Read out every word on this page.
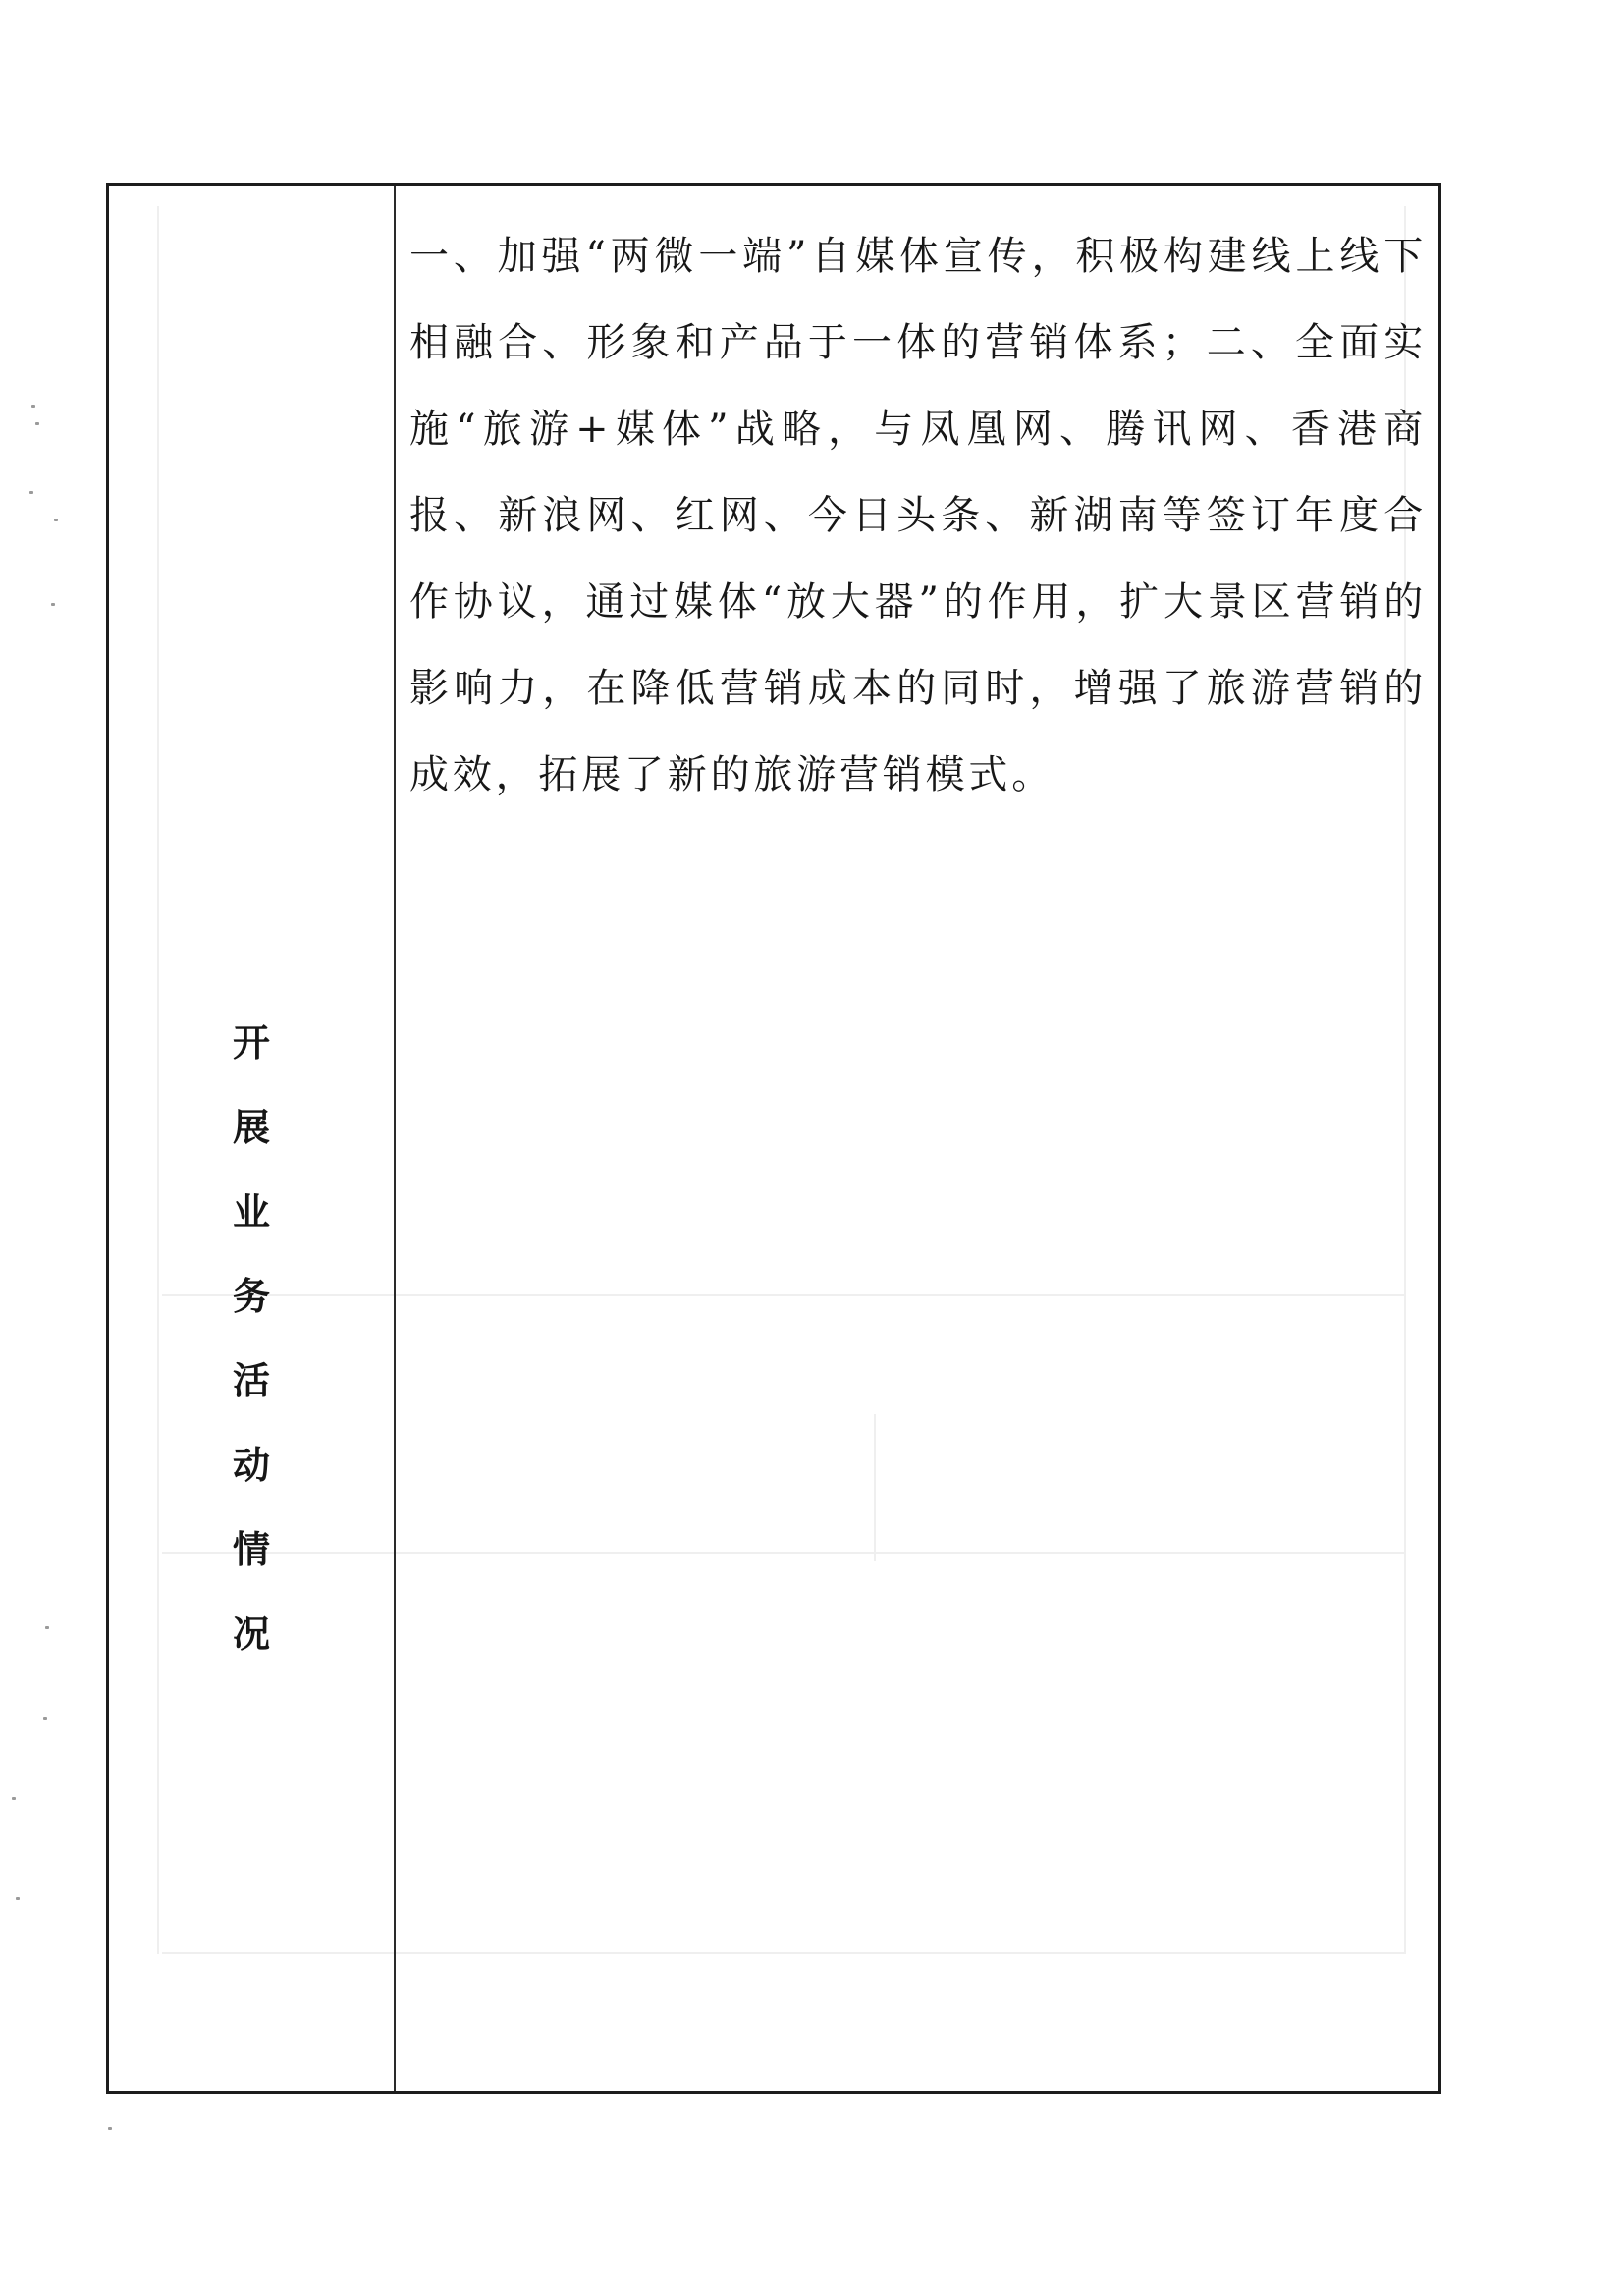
开
展
业
务
活
动
情
况

一、加强“两微一端”自媒体宣传，积极构建线上线下相融合、形象和产品于一体的营销体系；二、全面实施“旅游+媒体”战略，与凤凰网、腾讯网、香港商报、新浪网、红网、今日头条、新湖南等签订年度合作协议，通过媒体“放大器”的作用，扩大景区营销的影响力，在降低营销成本的同时，增强了旅游营销的成效，拓展了新的旅游营销模式。
